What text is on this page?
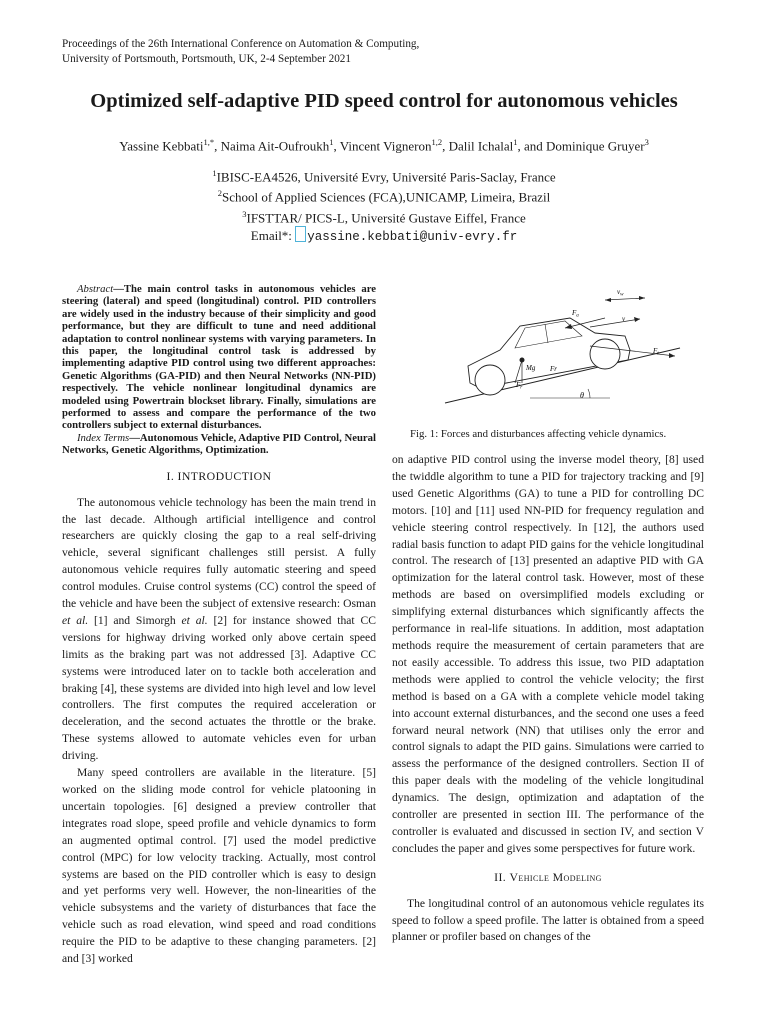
Proceedings of the 26th International Conference on Automation & Computing,
University of Portsmouth, Portsmouth, UK, 2-4 September 2021
Optimized self-adaptive PID speed control for autonomous vehicles
Yassine Kebbati$^{1,*}$, Naima Ait-Oufroukh$^1$, Vincent Vigneron$^{1,2}$, Dalil Ichalal$^1$, and Dominique Gruyer$^3$
$^1$IBISC-EA4526, Université Evry, Université Paris-Saclay, France
$^2$School of Applied Sciences (FCA),UNICAMP, Limeira, Brazil
$^3$IFSTTAR/ PICS-L, Université Gustave Eiffel, France
Email*: yassine.kebbati@univ-evry.fr

Abstract—The main control tasks in autonomous vehicles are steering (lateral) and speed (longitudinal) control. PID controllers are widely used in the industry because of their simplicity and good performance, but they are difficult to tune and need additional adaptation to control nonlinear systems with varying parameters. In this paper, the longitudinal control task is addressed by implementing adaptive PID control using two different approaches: Genetic Algorithms (GA-PID) and then Neural Networks (NN-PID) respectively. The vehicle nonlinear longitudinal dynamics are modeled using Powertrain blockset library. Finally, simulations are performed to assess and compare the performance of the two controllers subject to external disturbances.

Index Terms—Autonomous Vehicle, Adaptive PID Control, Neural Networks, Genetic Algorithms, Optimization.

I. INTRODUCTION

The autonomous vehicle technology has been the main trend in the last decade. Although artificial intelligence and control researchers are quickly closing the gap to a real self-driving vehicle, several significant challenges still persist. A fully autonomous vehicle requires fully automatic steering and speed control modules. Cruise control systems (CC) control the speed of the vehicle and have been the subject of extensive research: Osman et al. [1] and Simorgh et al. [2] for instance showed that CC versions for highway driving worked only above certain speed limits as the braking part was not addressed [3]. Adaptive CC systems were introduced later on to tackle both acceleration and braking [4], these systems are divided into high level and low level controllers. The first computes the required acceleration or deceleration, and the second actuates the throttle or the brake. These systems allowed to automate vehicles even for urban driving.

Many speed controllers are available in the literature. [5] worked on the sliding mode control for vehicle platooning in uncertain topologies. [6] designed a preview controller that integrates road slope, speed profile and vehicle dynamics to form an augmented optimal control. [7] used the model predictive control (MPC) for low velocity tracking. Actually, most control systems are based on the PID controller which is easy to design and yet performs very well. However, the non-linearities of the vehicle subsystems and the variety of disturbances that face the vehicle such as road elevation, wind speed and road conditions require the PID to be adaptive to these changing parameters. [2] and [3] worked

$v_w$
$F_a$	v
$F_t$
Mg Fr
$F_r$
θ
Fig. 1: Forces and disturbances affecting vehicle dynamics.

on adaptive PID control using the inverse model theory, [8] used the twiddle algorithm to tune a PID for trajectory tracking and [9] used Genetic Algorithms (GA) to tune a PID for controlling DC motors. [10] and [11] used NN-PID for frequency regulation and vehicle steering control respectively. In [12], the authors used radial basis function to adapt PID gains for the vehicle longitudinal control. The research of [13] presented an adaptive PID with GA optimization for the lateral control task. However, most of these methods are based on oversimplified models excluding or simplifying external disturbances which significantly affects the performance in real-life situations. In addition, most adaptation methods require the measurement of certain parameters that are not easily accessible. To address this issue, two PID adaptation methods were applied to control the vehicle velocity; the first method is based on a GA with a complete vehicle model taking into account external disturbances, and the second one uses a feed forward neural network (NN) that utilises only the error and control signals to adapt the PID gains. Simulations were carried to assess the performance of the designed controllers. Section II of this paper deals with the modeling of the vehicle longitudinal dynamics. The design, optimization and adaptation of the controller are presented in section III. The performance of the controller is evaluated and discussed in section IV, and section V concludes the paper and gives some perspectives for future work.

II. Vehicle Modeling

The longitudinal control of an autonomous vehicle regulates its speed to follow a speed profile. The latter is obtained from a speed planner or profiler based on changes of the
